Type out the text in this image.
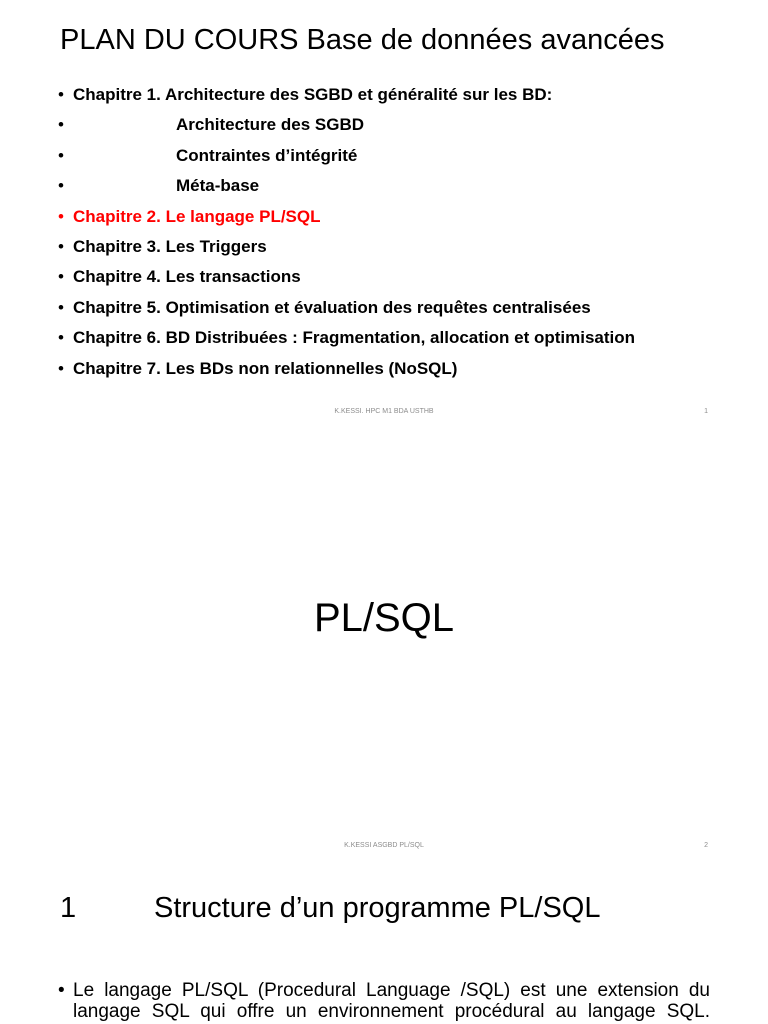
PLAN DU COURS Base de données avancées
• Chapitre 1. Architecture des SGBD et généralité sur les BD:
•	Architecture des SGBD
•	Contraintes d’intégrité
•	Méta-base
• Chapitre 2. Le langage PL/SQL
• Chapitre 3. Les Triggers
• Chapitre 4. Les transactions
• Chapitre 5. Optimisation et évaluation des requêtes centralisées
• Chapitre 6. BD Distribuées : Fragmentation, allocation et optimisation
• Chapitre 7. Les BDs non relationnelles (NoSQL)
K.KESSI. HPC M1 BDA USTHB	1
PL/SQL
K.KESSI ASGBD PL/SQL	2
1	Structure d’un programme PL/SQL
• Le langage PL/SQL (Procedural Language /SQL) est une extension du
langage SQL qui offre un environnement procédural au langage SQL.
